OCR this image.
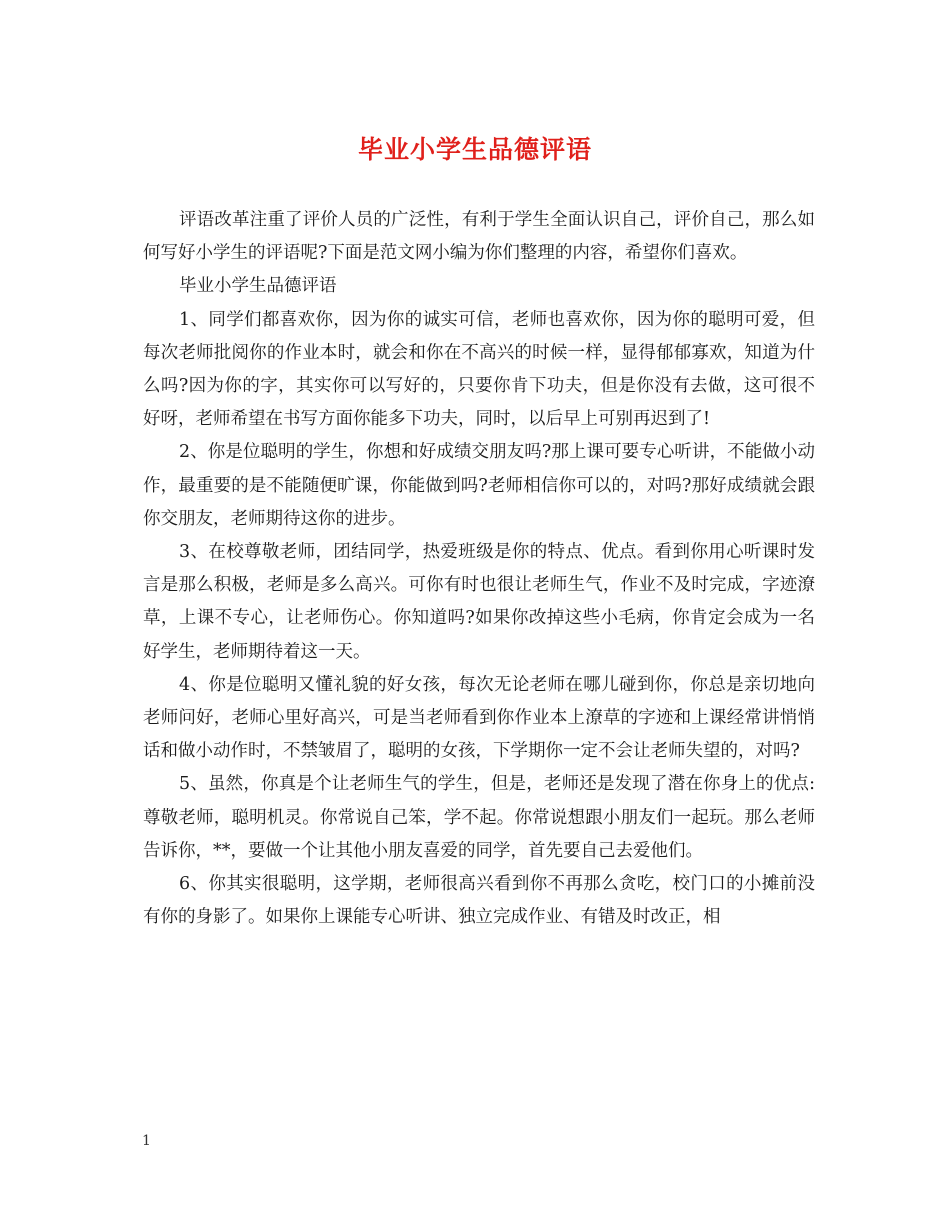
毕业小学生品德评语

评语改革注重了评价人员的广泛性，有利于学生全面认识自己，评价自己，那么如何写好小学生的评语呢?下面是范文网小编为你们整理的内容，希望你们喜欢。

毕业小学生品德评语

1、同学们都喜欢你，因为你的诚实可信，老师也喜欢你，因为你的聪明可爱，但每次老师批阅你的作业本时，就会和你在不高兴的时候一样，显得郁郁寡欢，知道为什么吗?因为你的字，其实你可以写好的，只要你肯下功夫，但是你没有去做，这可很不好呀，老师希望在书写方面你能多下功夫，同时，以后早上可别再迟到了!

2、你是位聪明的学生，你想和好成绩交朋友吗?那上课可要专心听讲，不能做小动作，最重要的是不能随便旷课，你能做到吗?老师相信你可以的，对吗?那好成绩就会跟你交朋友，老师期待这你的进步。

3、在校尊敬老师，团结同学，热爱班级是你的特点、优点。看到你用心听课时发言是那么积极，老师是多么高兴。可你有时也很让老师生气，作业不及时完成，字迹潦草，上课不专心，让老师伤心。你知道吗?如果你改掉这些小毛病，你肯定会成为一名好学生，老师期待着这一天。

4、你是位聪明又懂礼貌的好女孩，每次无论老师在哪儿碰到你，你总是亲切地向老师问好，老师心里好高兴，可是当老师看到你作业本上潦草的字迹和上课经常讲悄悄话和做小动作时，不禁皱眉了，聪明的女孩，下学期你一定不会让老师失望的，对吗?

5、虽然，你真是个让老师生气的学生，但是，老师还是发现了潜在你身上的优点:尊敬老师，聪明机灵。你常说自己笨，学不起。你常说想跟小朋友们一起玩。那么老师告诉你，**，要做一个让其他小朋友喜爱的同学，首先要自己去爱他们。

6、你其实很聪明，这学期，老师很高兴看到你不再那么贪吃，校门口的小摊前没有你的身影了。如果你上课能专心听讲、独立完成作业、有错及时改正，相

1
